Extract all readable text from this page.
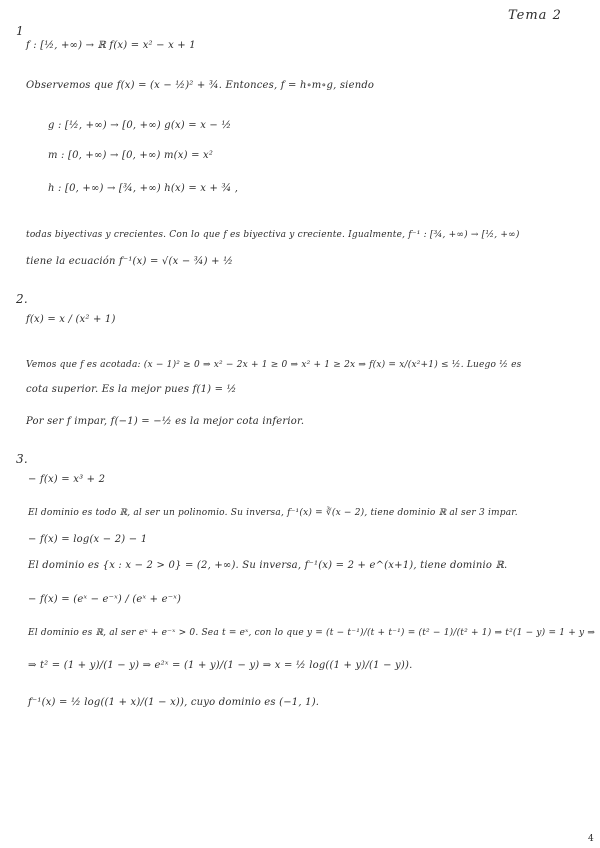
Tema 2
1
f : [½, +∞) → ℝ f(x) = x² − x + 1
Observemos que f(x) = (x − ½)² + ¾. Entonces, f = h∘m∘g, siendo
g : [½, +∞) → [0, +∞) g(x) = x − ½
m : [0, +∞) → [0, +∞) m(x) = x²
h : [0, +∞) → [¾, +∞) h(x) = x + ¾ ,
todas biyectivas y crecientes. Con lo que f es biyectiva y creciente. Igualmente, f⁻¹ : [¾, +∞) → [½, +∞)
tiene la ecuación f⁻¹(x) = √(x − ¾) + ½
2.
f(x) = x / (x² + 1)
Vemos que f es acotada: (x − 1)² ≥ 0 ⇒ x² − 2x + 1 ≥ 0 ⇒ x² + 1 ≥ 2x ⇒ f(x) = x/(x²+1) ≤ ½. Luego ½ es
cota superior. Es la mejor pues f(1) = ½
Por ser f impar, f(−1) = −½ es la mejor cota inferior.
3.
− f(x) = x³ + 2
El dominio es todo ℝ, al ser un polinomio. Su inversa, f⁻¹(x) = ∛(x − 2), tiene dominio ℝ al ser 3 impar.
− f(x) = log(x − 2) − 1
El dominio es {x : x − 2 > 0} = (2, +∞). Su inversa, f⁻¹(x) = 2 + e^(x+1), tiene dominio ℝ.
− f(x) = (eˣ − e⁻ˣ) / (eˣ + e⁻ˣ)
El dominio es ℝ, al ser eˣ + e⁻ˣ > 0. Sea t = eˣ, con lo que y = (t − t⁻¹)/(t + t⁻¹) = (t² − 1)/(t² + 1) ⇒ t²(1 − y) = 1 + y ⇒
⇒ t² = (1 + y)/(1 − y) ⇒ e²ˣ = (1 + y)/(1 − y) ⇒ x = ½ log((1 + y)/(1 − y)).
f⁻¹(x) = ½ log((1 + x)/(1 − x)), cuyo dominio es (−1, 1).
4
